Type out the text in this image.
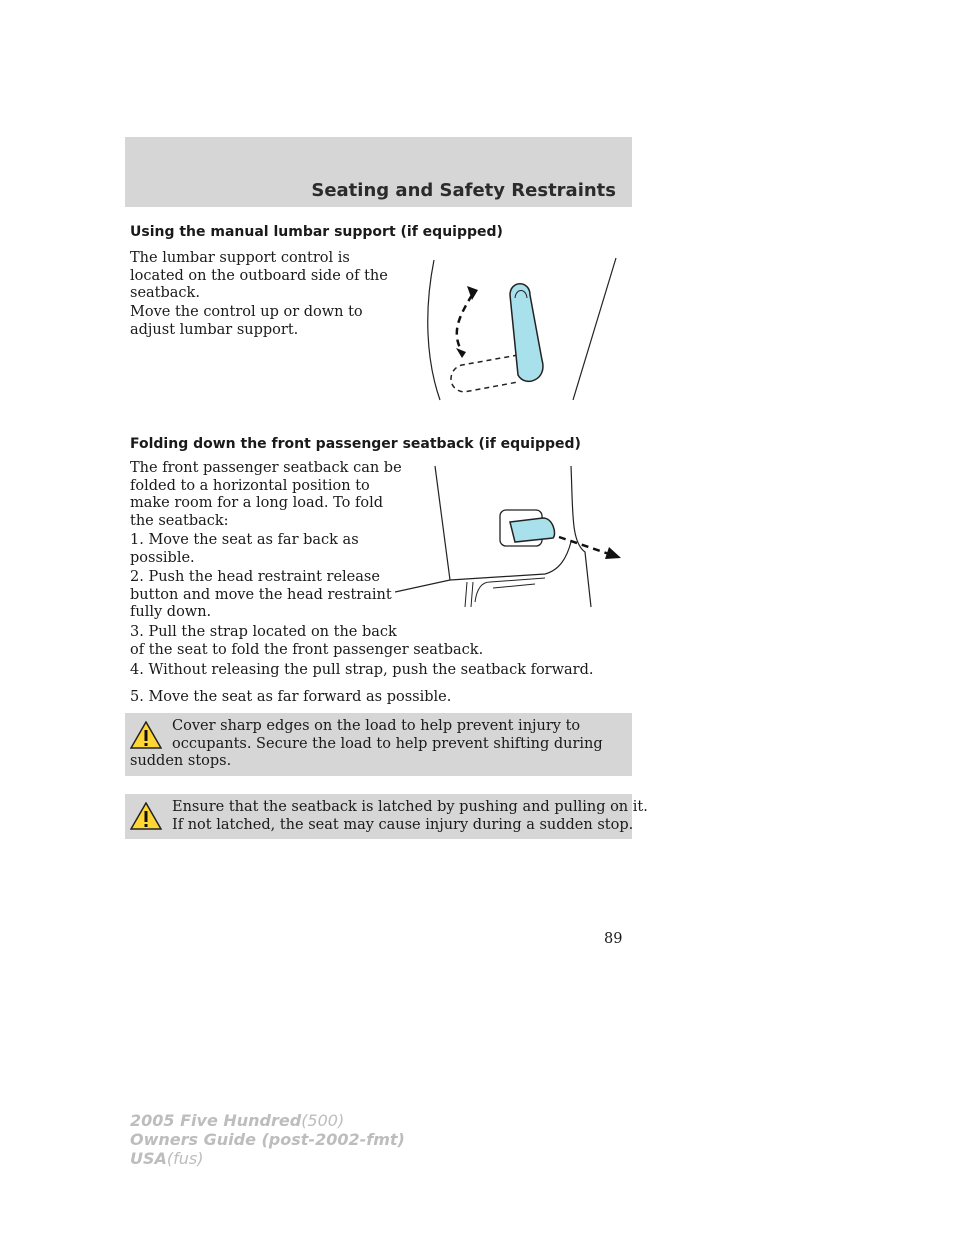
Seating and Safety Restraints
Using the manual lumbar support (if equipped)
The lumbar support control is
located on the outboard side of the
seatback.
Move the control up or down to
adjust lumbar support.
Folding down the front passenger seatback (if equipped)
The front passenger seatback can be
folded to a horizontal position to
make room for a long load. To fold
the seatback:
1. Move the seat as far back as
possible.
2. Push the head restraint release
button and move the head restraint
fully down.
3. Pull the strap located on the back
of the seat to fold the front passenger seatback.
4. Without releasing the pull strap, push the seatback forward.
5. Move the seat as far forward as possible.
Cover sharp edges on the load to help prevent injury to
occupants. Secure the load to help prevent shifting during
sudden stops.
Ensure that the seatback is latched by pushing and pulling on it.
If not latched, the seat may cause injury during a sudden stop.
89
2005 Five Hundred(500)
Owners Guide (post-2002-fmt)
USA(fus)
